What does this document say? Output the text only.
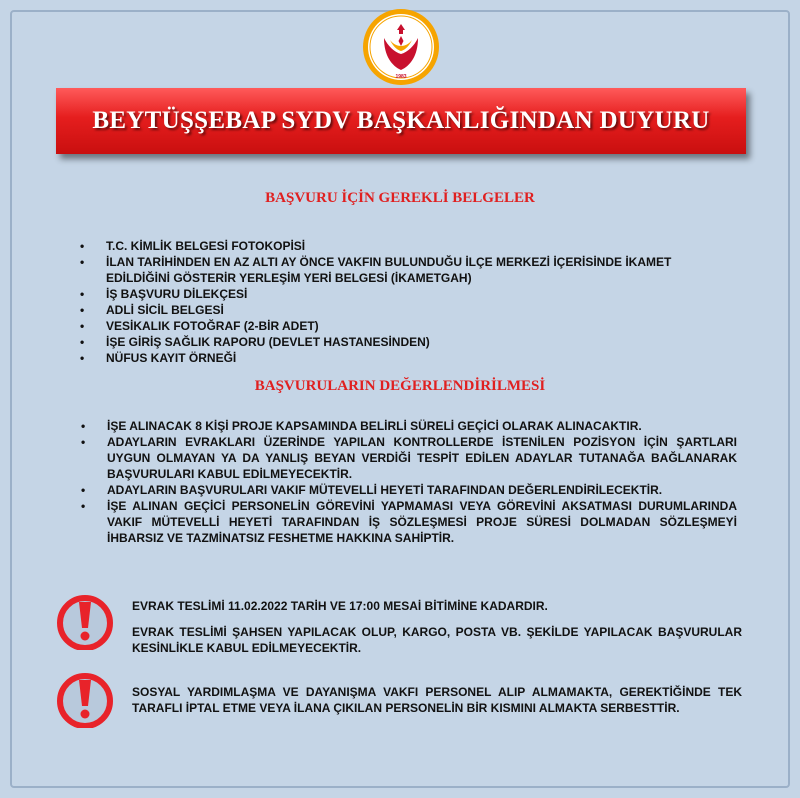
1983
BEYTÜŞŞEBAP SYDV BAŞKANLIĞINDAN DUYURU
BAŞVURU İÇİN GEREKLİ BELGELER
• T.C. KİMLİK BELGESİ FOTOKOPİSİ
• İLAN TARİHİNDEN EN AZ ALTI AY ÖNCE VAKFIN BULUNDUĞU İLÇE MERKEZİ İÇERİSİNDE İKAMET EDİLDİĞİNİ GÖSTERİR YERLEŞİM YERİ BELGESİ (İKAMETGAH)
• İŞ BAŞVURU DİLEKÇESİ
• ADLİ SİCİL BELGESİ
• VESİKALIK FOTOĞRAF (2-BİR ADET)
• İŞE GİRİŞ SAĞLIK RAPORU (DEVLET HASTANESİNDEN)
• NÜFUS KAYIT ÖRNEĞİ
BAŞVURULARIN DEĞERLENDİRİLMESİ
• İŞE ALINACAK 8 KİŞİ PROJE KAPSAMINDA BELİRLİ SÜRELİ GEÇİCİ OLARAK ALINACAKTIR.
• ADAYLARIN EVRAKLARI ÜZERİNDE YAPILAN KONTROLLERDE İSTENİLEN POZİSYON İÇİN ŞARTLARI UYGUN OLMAYAN YA DA YANLIŞ BEYAN VERDİĞİ TESPİT EDİLEN ADAYLAR TUTANAĞA BAĞLANARAK BAŞVURULARI KABUL EDİLMEYECEKTİR.
• ADAYLARIN BAŞVURULARI VAKIF MÜTEVELLİ HEYETİ TARAFINDAN DEĞERLENDİRİLECEKTİR.
• İŞE ALINAN GEÇİCİ PERSONELİN GÖREVİNİ YAPMAMASI VEYA GÖREVİNİ AKSATMASI DURUMLARINDA VAKIF MÜTEVELLİ HEYETİ TARAFINDAN İŞ SÖZLEŞMESİ PROJE SÜRESİ DOLMADAN SÖZLEŞMEYİ İHBARSIZ VE TAZMİNATSIZ FESHETME HAKKINA SAHİPTİR.
EVRAK TESLİMİ 11.02.2022 TARİH VE 17:00 MESAİ BİTİMİNE KADARDIR.
EVRAK TESLİMİ ŞAHSEN YAPILACAK OLUP, KARGO, POSTA VB. ŞEKİLDE YAPILACAK BAŞVURULAR KESİNLİKLE KABUL EDİLMEYECEKTİR.
SOSYAL YARDIMLAŞMA VE DAYANIŞMA VAKFI PERSONEL ALIP ALMAMAKTA, GEREKTİĞİNDE TEK TARAFLI İPTAL ETME VEYA İLANA ÇIKILAN PERSONELİN BİR KISMINI ALMAKTA SERBESTTİR.
